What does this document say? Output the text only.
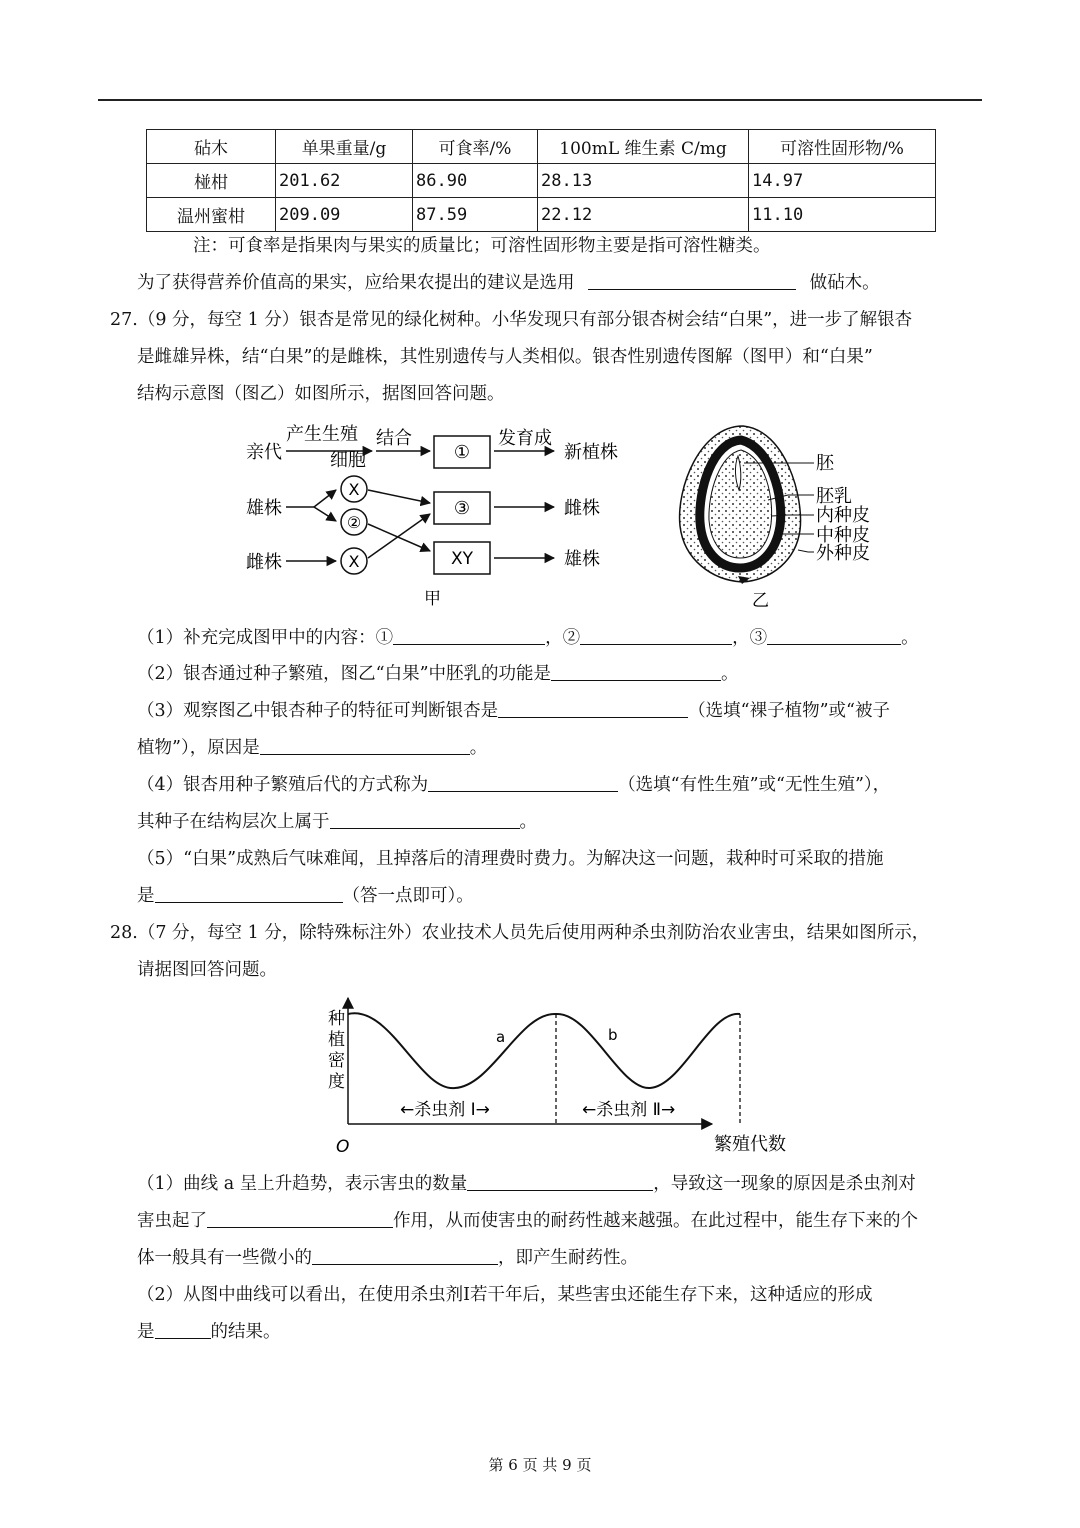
砧木	单果重量/g	可食率/%	100mL 维生素 C/mg	可溶性固形物/%
椪柑	201.62	86.90	28.13	14.97
温州蜜柑	209.09	87.59	22.12	11.10
注：可食率是指果肉与果实的质量比；可溶性固形物主要是指可溶性糖类。
为了获得营养价值高的果实，应给果农提出的建议是选用	做砧木。
27.（9 分，每空 1 分）银杏是常见的绿化树种。小华发现只有部分银杏树会结“白果”，进一步了解银杏
是雌雄异株，结“白果”的是雌株，其性别遗传与人类相似。银杏性别遗传图解（图甲）和“白果”
结构示意图（图乙）如图所示，据图回答问题。
亲代
产生生殖
细胞
结合
①
发育成
新植株
雄株
雌株
X
②
X
③
XY
雌株
雄株
甲
胚
胚乳
内种皮
中种皮
外种皮
乙
（1）补充完成图甲中的内容：①	，②	，③	。
（2）银杏通过种子繁殖，图乙“白果”中胚乳的功能是	。
（3）观察图乙中银杏种子的特征可判断银杏是	（选填“裸子植物”或“被子
植物”），原因是	。
（4）银杏用种子繁殖后代的方式称为	（选填“有性生殖”或“无性生殖”），
其种子在结构层次上属于	。
（5）“白果”成熟后气味难闻，且掉落后的清理费时费力。为解决这一问题，栽种时可采取的措施
是	（答一点即可）。
28.（7 分，每空 1 分，除特殊标注外）农业技术人员先后使用两种杀虫剂防治农业害虫，结果如图所示，
请据图回答问题。
种
植
密
度
O	繁殖代数
a	b
←杀虫剂 Ⅰ→	←杀虫剂 Ⅱ→
（1）曲线 a 呈上升趋势，表示害虫的数量	，导致这一现象的原因是杀虫剂对
害虫起了	作用，从而使害虫的耐药性越来越强。在此过程中，能生存下来的个
体一般具有一些微小的	，即产生耐药性。
（2）从图中曲线可以看出，在使用杀虫剂Ⅰ若干年后，某些害虫还能生存下来，这种适应的形成
是	的结果。
第 6 页 共 9 页
